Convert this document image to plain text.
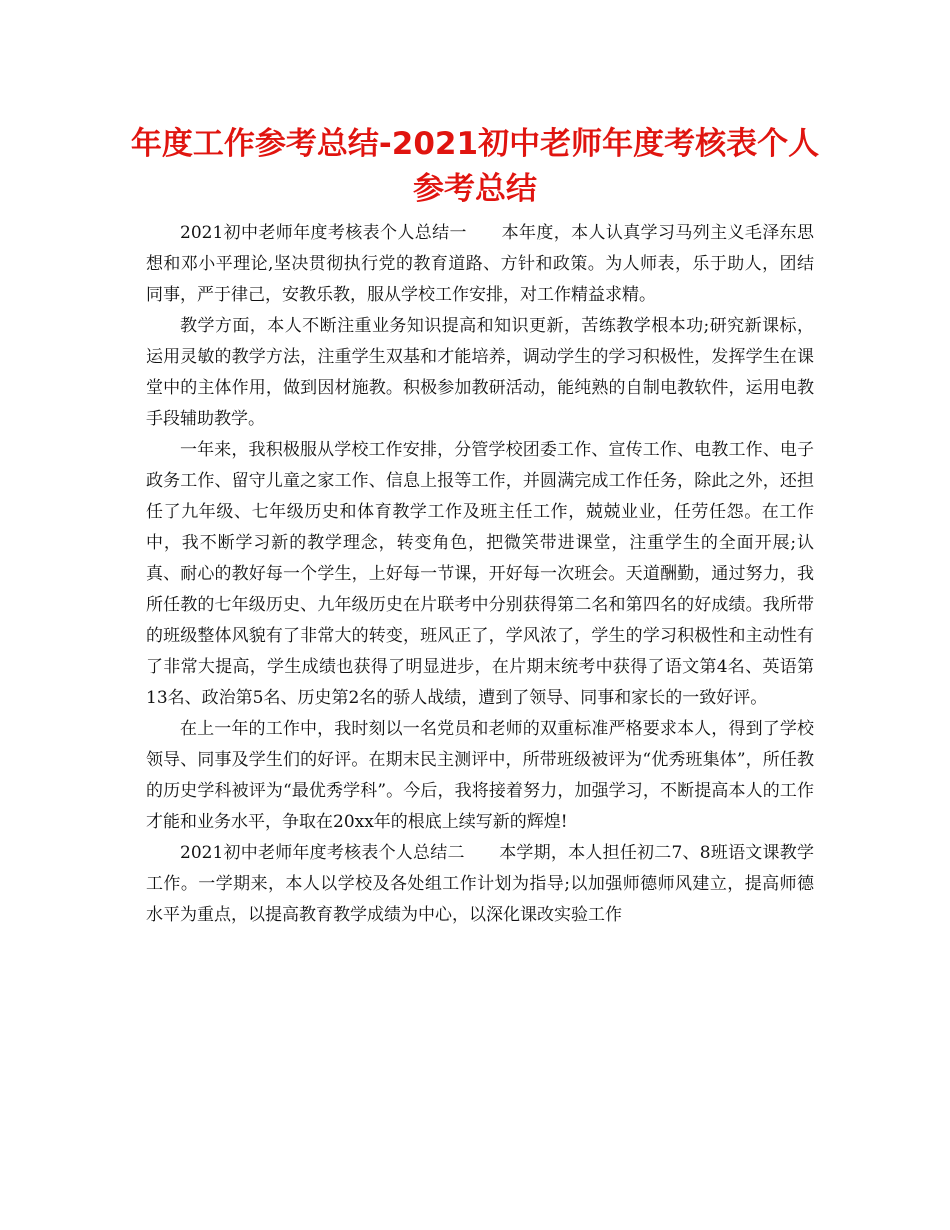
年度工作参考总结-2021初中老师年度考核表个人参考总结

2021初中老师年度考核表个人总结一　　本年度，本人认真学习马列主义毛泽东思想和邓小平理论,坚决贯彻执行党的教育道路、方针和政策。为人师表，乐于助人，团结同事，严于律己，安教乐教，服从学校工作安排，对工作精益求精。

教学方面，本人不断注重业务知识提高和知识更新，苦练教学根本功;研究新课标，运用灵敏的教学方法，注重学生双基和才能培养，调动学生的学习积极性，发挥学生在课堂中的主体作用，做到因材施教。积极参加教研活动，能纯熟的自制电教软件，运用电教手段辅助教学。

一年来，我积极服从学校工作安排，分管学校团委工作、宣传工作、电教工作、电子政务工作、留守儿童之家工作、信息上报等工作，并圆满完成工作任务，除此之外，还担任了九年级、七年级历史和体育教学工作及班主任工作，兢兢业业，任劳任怨。在工作中，我不断学习新的教学理念，转变角色，把微笑带进课堂，注重学生的全面开展;认真、耐心的教好每一个学生，上好每一节课，开好每一次班会。天道酬勤，通过努力，我所任教的七年级历史、九年级历史在片联考中分别获得第二名和第四名的好成绩。我所带的班级整体风貌有了非常大的转变，班风正了，学风浓了，学生的学习积极性和主动性有了非常大提高，学生成绩也获得了明显进步，在片期末统考中获得了语文第4名、英语第13名、政治第5名、历史第2名的骄人战绩，遭到了领导、同事和家长的一致好评。

在上一年的工作中，我时刻以一名党员和老师的双重标准严格要求本人，得到了学校领导、同事及学生们的好评。在期末民主测评中，所带班级被评为“优秀班集体”，所任教的历史学科被评为“最优秀学科”。今后，我将接着努力，加强学习，不断提高本人的工作才能和业务水平，争取在20xx年的根底上续写新的辉煌!

2021初中老师年度考核表个人总结二　　本学期，本人担任初二7、8班语文课教学工作。一学期来，本人以学校及各处组工作计划为指导;以加强师德师风建立，提高师德水平为重点，以提高教育教学成绩为中心，以深化课改实验工作
